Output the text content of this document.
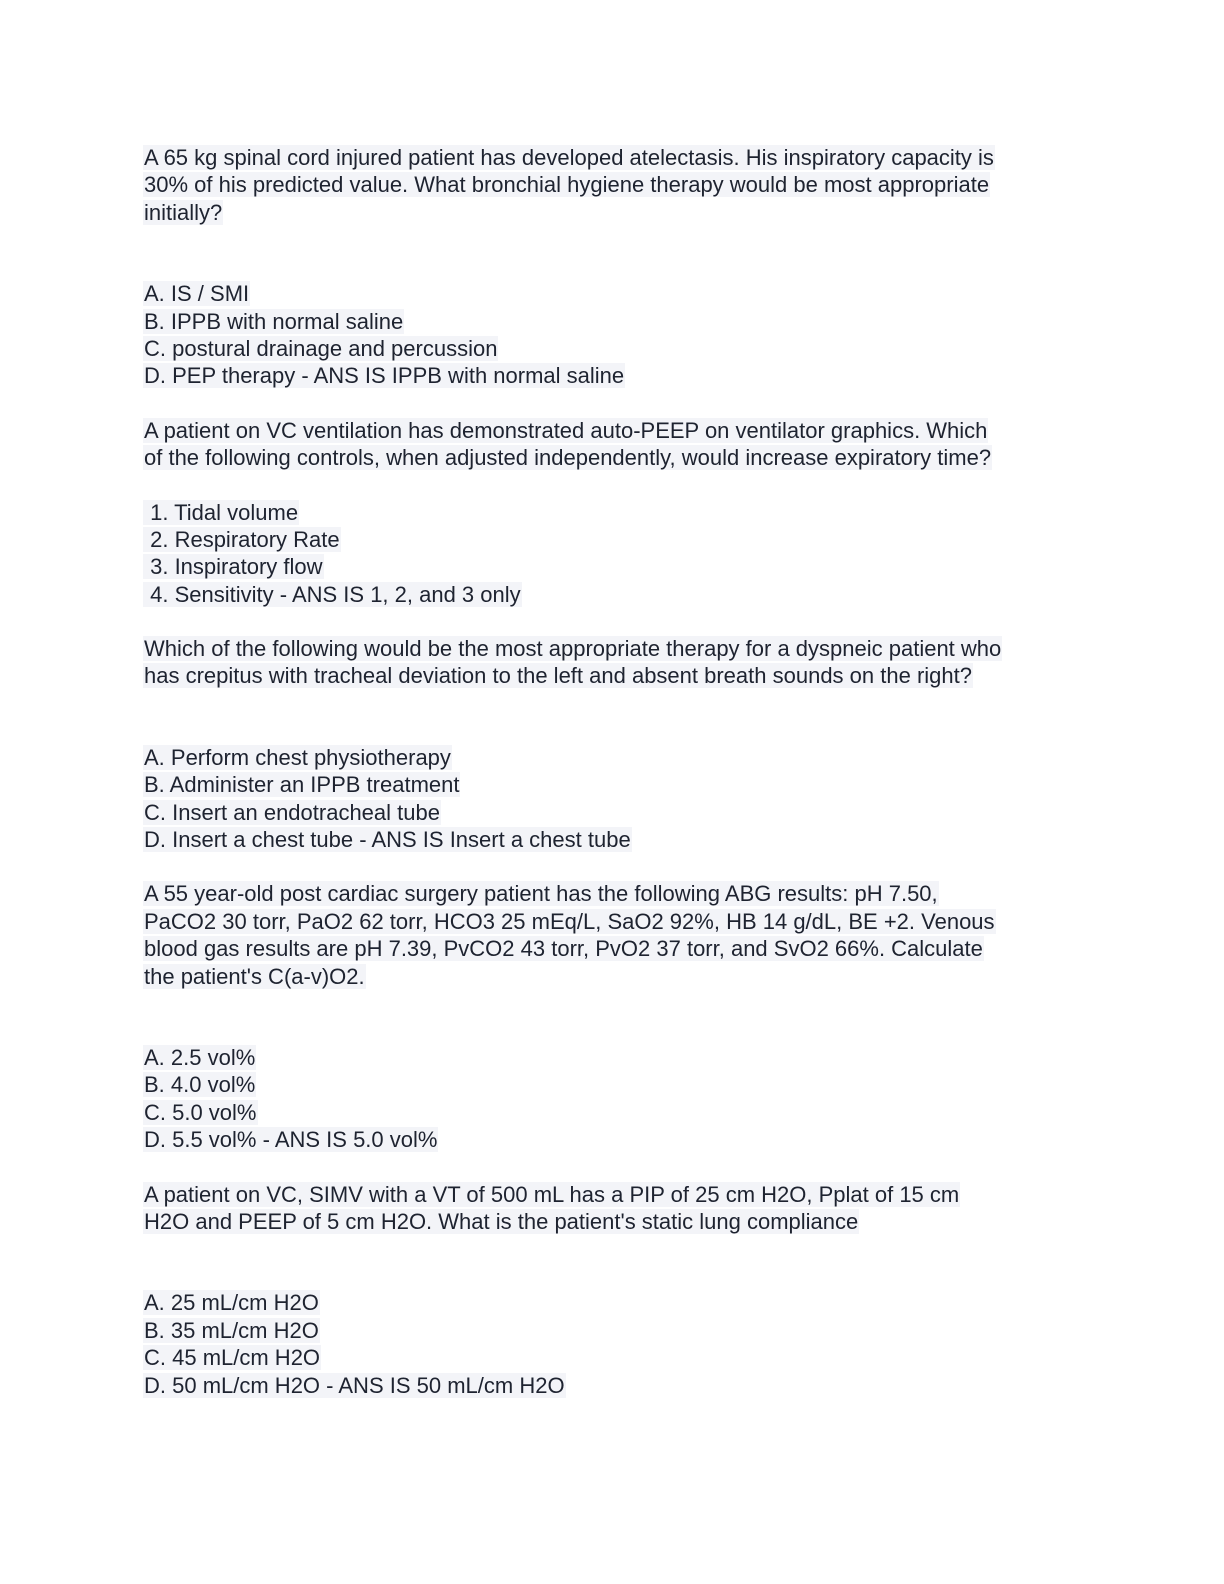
A 65 kg spinal cord injured patient has developed atelectasis. His inspiratory capacity is
30% of his predicted value. What bronchial hygiene therapy would be most appropriate
initially?
A. IS / SMI
B. IPPB with normal saline
C. postural drainage and percussion
D. PEP therapy - ANS IS IPPB with normal saline
A patient on VC ventilation has demonstrated auto-PEEP on ventilator graphics. Which
of the following controls, when adjusted independently, would increase expiratory time?
1. Tidal volume
2. Respiratory Rate
3. Inspiratory flow
4. Sensitivity - ANS IS 1, 2, and 3 only
Which of the following would be the most appropriate therapy for a dyspneic patient who
has crepitus with tracheal deviation to the left and absent breath sounds on the right?
A. Perform chest physiotherapy
B. Administer an IPPB treatment
C. Insert an endotracheal tube
D. Insert a chest tube - ANS IS Insert a chest tube
A 55 year-old post cardiac surgery patient has the following ABG results: pH 7.50,
PaCO2 30 torr, PaO2 62 torr, HCO3 25 mEq/L, SaO2 92%, HB 14 g/dL, BE +2. Venous
blood gas results are pH 7.39, PvCO2 43 torr, PvO2 37 torr, and SvO2 66%. Calculate
the patient's C(a-v)O2.
A. 2.5 vol%
B. 4.0 vol%
C. 5.0 vol%
D. 5.5 vol% - ANS IS 5.0 vol%
A patient on VC, SIMV with a VT of 500 mL has a PIP of 25 cm H2O, Pplat of 15 cm
H2O and PEEP of 5 cm H2O. What is the patient's static lung compliance
A. 25 mL/cm H2O
B. 35 mL/cm H2O
C. 45 mL/cm H2O
D. 50 mL/cm H2O - ANS IS 50 mL/cm H2O
